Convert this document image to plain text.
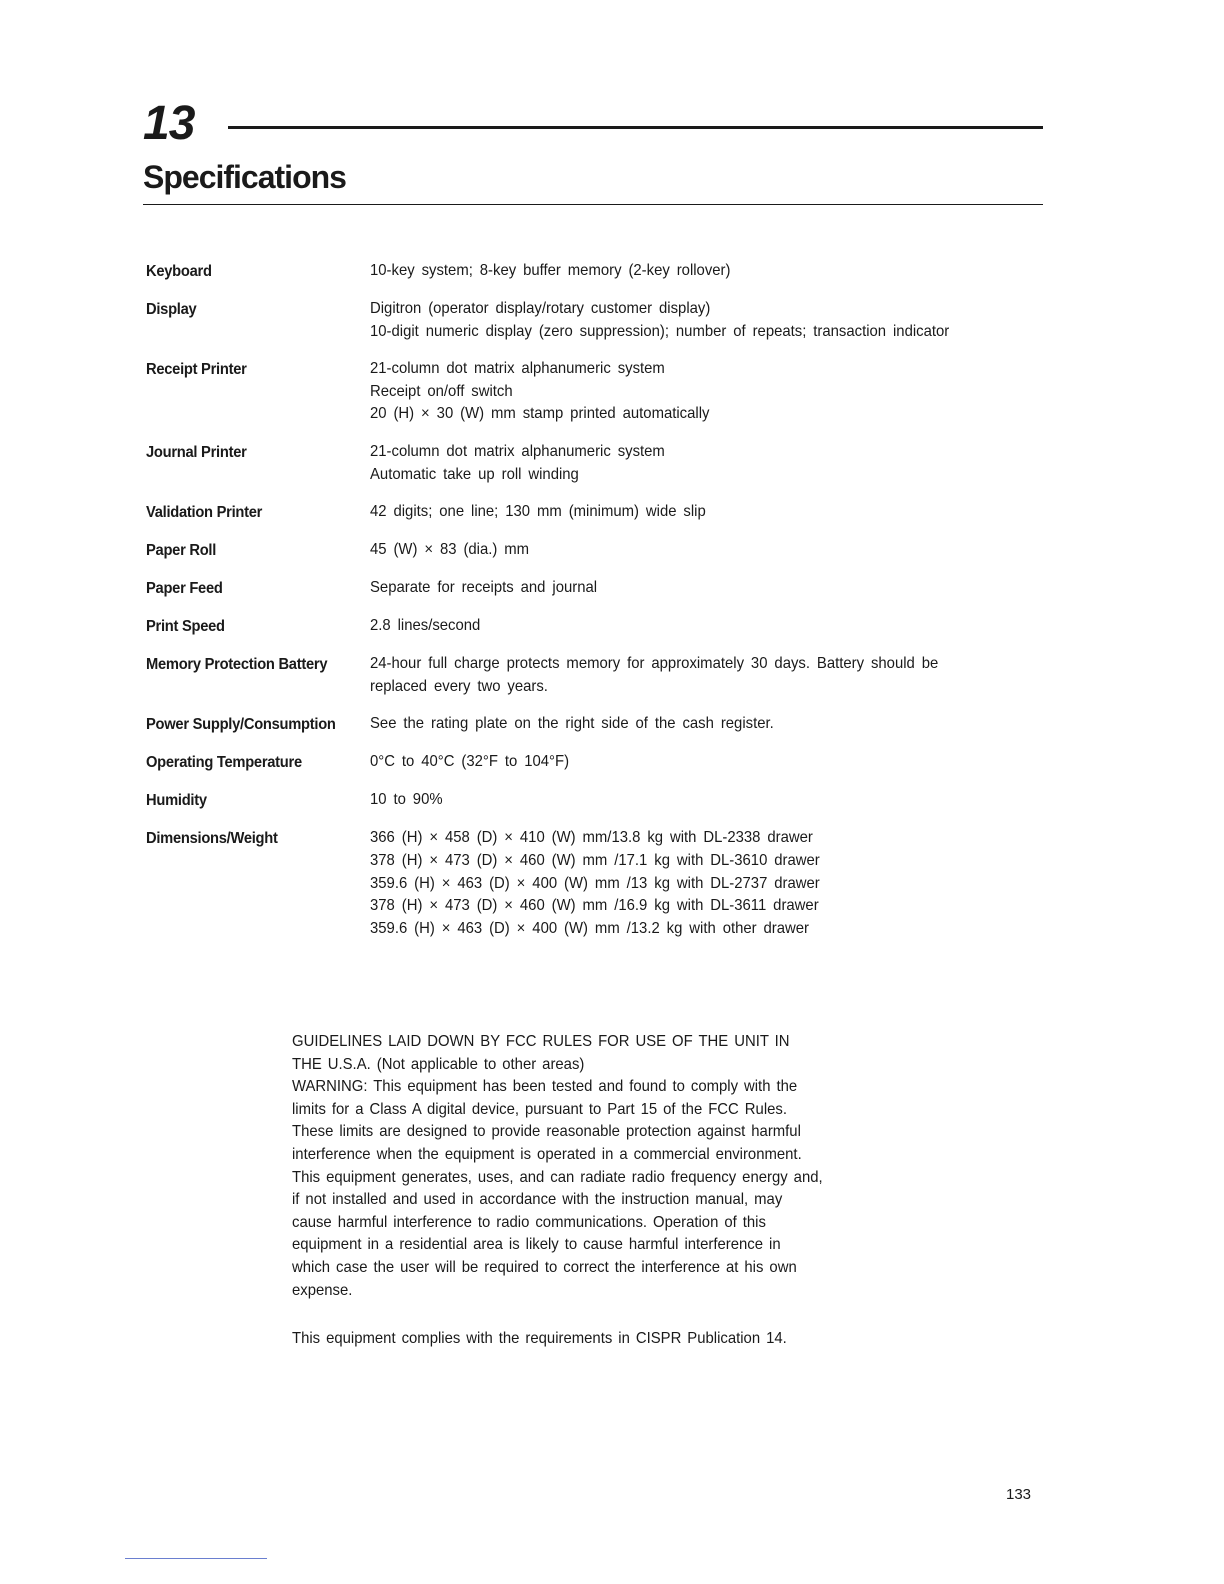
13
Specifications
Keyboard	10-key system; 8-key buffer memory (2-key rollover)
Display	Digitron (operator display/rotary customer display)
10-digit numeric display (zero suppression); number of repeats; transaction indicator
Receipt Printer	21-column dot matrix alphanumeric system
Receipt on/off switch
20 (H) × 30 (W) mm stamp printed automatically
Journal Printer	21-column dot matrix alphanumeric system
Automatic take up roll winding
Validation Printer	42 digits; one line; 130 mm (minimum) wide slip
Paper Roll	45 (W) × 83 (dia.) mm
Paper Feed	Separate for receipts and journal
Print Speed	2.8 lines/second
Memory Protection Battery	24-hour full charge protects memory for approximately 30 days. Battery should be
replaced every two years.
Power Supply/Consumption	See the rating plate on the right side of the cash register.
Operating Temperature	0°C to 40°C (32°F to 104°F)
Humidity	10 to 90%
Dimensions/Weight	366 (H) × 458 (D) × 410 (W) mm/13.8 kg with DL-2338 drawer
378 (H) × 473 (D) × 460 (W) mm /17.1 kg with DL-3610 drawer
359.6 (H) × 463 (D) × 400 (W) mm /13 kg with DL-2737 drawer
378 (H) × 473 (D) × 460 (W) mm /16.9 kg with DL-3611 drawer
359.6 (H) × 463 (D) × 400 (W) mm /13.2 kg with other drawer
GUIDELINES LAID DOWN BY FCC RULES FOR USE OF THE UNIT IN
THE U.S.A. (Not applicable to other areas)
WARNING: This equipment has been tested and found to comply with the
limits for a Class A digital device, pursuant to Part 15 of the FCC Rules.
These limits are designed to provide reasonable protection against harmful
interference when the equipment is operated in a commercial environment.
This equipment generates, uses, and can radiate radio frequency energy and,
if not installed and used in accordance with the instruction manual, may
cause harmful interference to radio communications. Operation of this
equipment in a residential area is likely to cause harmful interference in
which case the user will be required to correct the interference at his own
expense.
This equipment complies with the requirements in CISPR Publication 14.
133
